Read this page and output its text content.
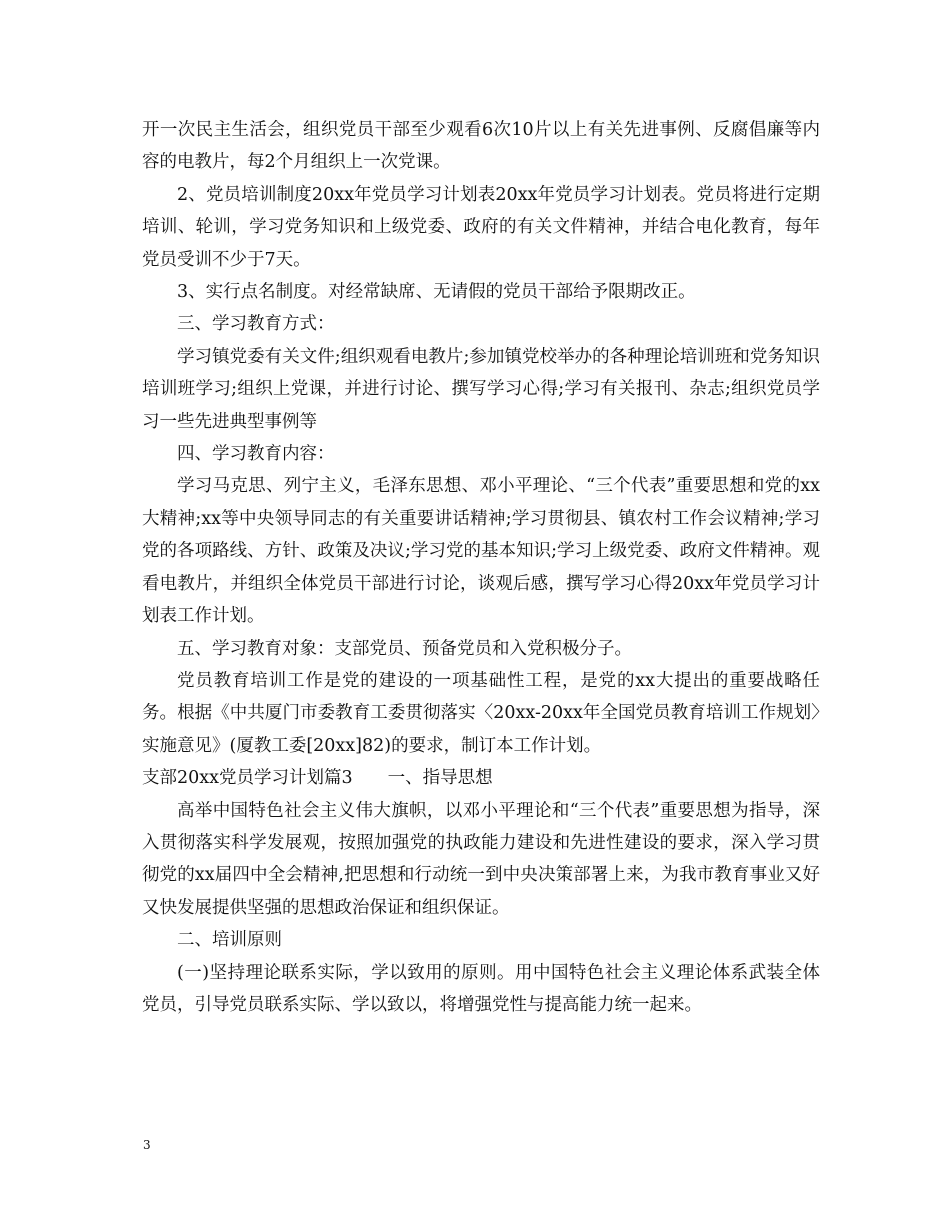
开一次民主生活会，组织党员干部至少观看6次10片以上有关先进事例、反腐倡廉等内容的电教片，每2个月组织上一次党课。

2、党员培训制度20xx年党员学习计划表20xx年党员学习计划表。党员将进行定期培训、轮训，学习党务知识和上级党委、政府的有关文件精神，并结合电化教育，每年党员受训不少于7天。

3、实行点名制度。对经常缺席、无请假的党员干部给予限期改正。

三、学习教育方式：

学习镇党委有关文件;组织观看电教片;参加镇党校举办的各种理论培训班和党务知识培训班学习;组织上党课，并进行讨论、撰写学习心得;学习有关报刊、杂志;组织党员学习一些先进典型事例等

四、学习教育内容：

学习马克思、列宁主义，毛泽东思想、邓小平理论、“三个代表”重要思想和党的xx大精神;xx等中央领导同志的有关重要讲话精神;学习贯彻县、镇农村工作会议精神;学习党的各项路线、方针、政策及决议;学习党的基本知识;学习上级党委、政府文件精神。观看电教片，并组织全体党员干部进行讨论，谈观后感，撰写学习心得20xx年党员学习计划表工作计划。

五、学习教育对象：支部党员、预备党员和入党积极分子。

党员教育培训工作是党的建设的一项基础性工程，是党的xx大提出的重要战略任务。根据《中共厦门市委教育工委贯彻落实〈20xx-20xx年全国党员教育培训工作规划〉实施意见》(厦教工委[20xx]82)的要求，制订本工作计划。

支部20xx党员学习计划篇3　　一、指导思想

高举中国特色社会主义伟大旗帜，以邓小平理论和“三个代表”重要思想为指导，深入贯彻落实科学发展观，按照加强党的执政能力建设和先进性建设的要求，深入学习贯彻党的xx届四中全会精神,把思想和行动统一到中央决策部署上来，为我市教育事业又好又快发展提供坚强的思想政治保证和组织保证。

二、培训原则

(一)坚持理论联系实际，学以致用的原则。用中国特色社会主义理论体系武装全体党员，引导党员联系实际、学以致以，将增强党性与提高能力统一起来。

3
